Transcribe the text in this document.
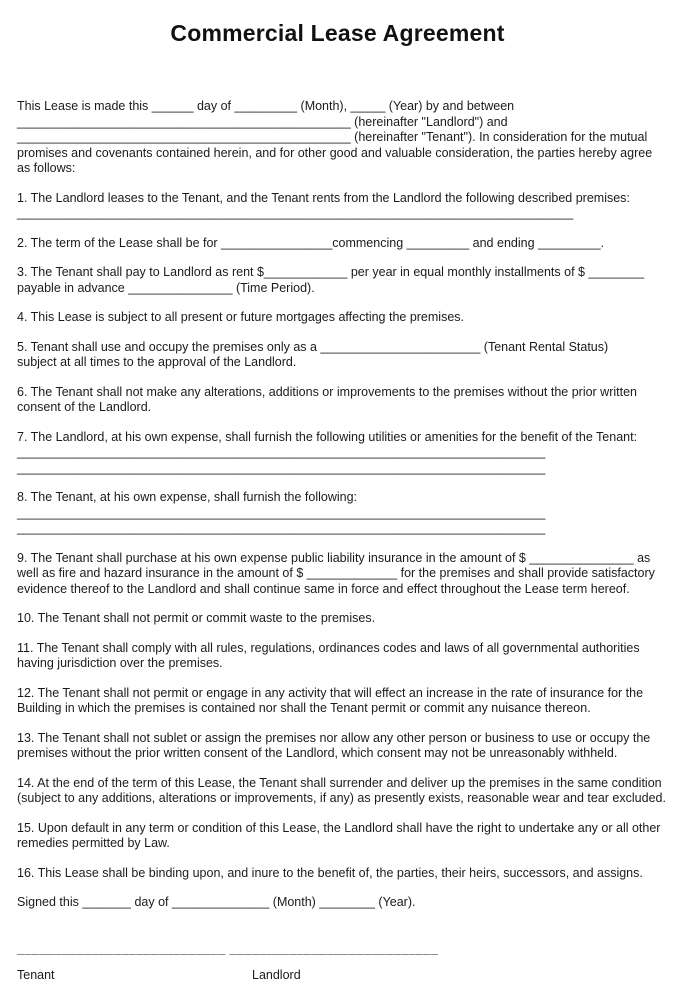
Commercial Lease Agreement

This Lease is made this ______ day of _________ (Month), _____ (Year) by and between
________________________________________________ (hereinafter "Landlord") and
________________________________________________ (hereinafter "Tenant"). In consideration for the mutual
promises and covenants contained herein, and for other good and valuable consideration, the parties hereby agree
as follows:

1. The Landlord leases to the Tenant, and the Tenant rents from the Landlord the following described premises:
________________________________________________________________________________

2. The term of the Lease shall be for ________________commencing _________ and ending _________.

3. The Tenant shall pay to Landlord as rent $____________ per year in equal monthly installments of $ ________
payable in advance _______________ (Time Period).

4. This Lease is subject to all present or future mortgages affecting the premises.

5. Tenant shall use and occupy the premises only as a _______________________ (Tenant Rental Status)
subject at all times to the approval of the Landlord.

6. The Tenant shall not make any alterations, additions or improvements to the premises without the prior written
consent of the Landlord.

7. The Landlord, at his own expense, shall furnish the following utilities or amenities for the benefit of the Tenant:
____________________________________________________________________________
____________________________________________________________________________

8. The Tenant, at his own expense, shall furnish the following:
____________________________________________________________________________
____________________________________________________________________________

9. The Tenant shall purchase at his own expense public liability insurance in the amount of $ _______________ as
well as fire and hazard insurance in the amount of $ _____________ for the premises and shall provide satisfactory
evidence thereof to the Landlord and shall continue same in force and effect throughout the Lease term hereof.

10. The Tenant shall not permit or commit waste to the premises.

11. The Tenant shall comply with all rules, regulations, ordinances codes and laws of all governmental authorities
having jurisdiction over the premises.

12. The Tenant shall not permit or engage in any activity that will effect an increase in the rate of insurance for the
Building in which the premises is contained nor shall the Tenant permit or commit any nuisance thereon.

13. The Tenant shall not sublet or assign the premises nor allow any other person or business to use or occupy the
premises without the prior written consent of the Landlord, which consent may not be unreasonably withheld.

14. At the end of the term of this Lease, the Tenant shall surrender and deliver up the premises in the same condition
(subject to any additions, alterations or improvements, if any) as presently exists, reasonable wear and tear excluded.

15. Upon default in any term or condition of this Lease, the Landlord shall have the right to undertake any or all other
remedies permitted by Law.

16. This Lease shall be binding upon, and inure to the benefit of, the parties, their heirs, successors, and assigns.

Signed this _______ day of ______________ (Month) ________ (Year).

____________________________ ____________________________
Tenant	Landlord
